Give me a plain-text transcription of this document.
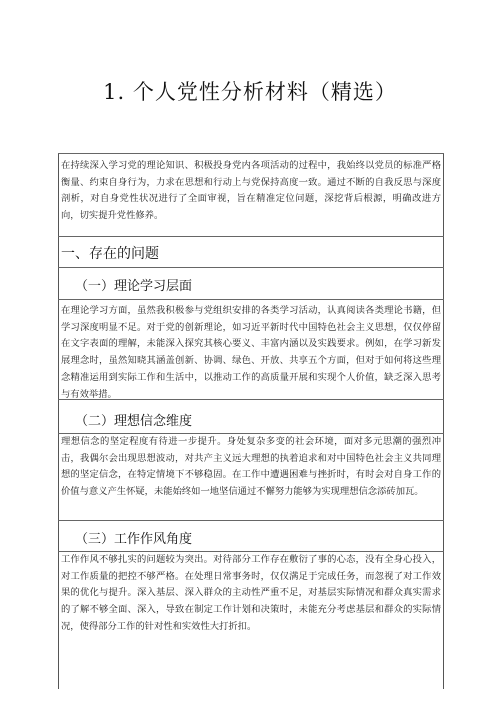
1. 个人党性分析材料（精选）
在持续深入学习党的理论知识、积极投身党内各项活动的过程中，我始终以党员的标准严格衡量、约束自身行为，力求在思想和行动上与党保持高度一致。通过不断的自我反思与深度剖析，对自身党性状况进行了全面审视，旨在精准定位问题，深挖背后根源，明确改进方向，切实提升党性修养。
一、存在的问题
（一）理论学习层面
在理论学习方面，虽然我积极参与党组织安排的各类学习活动，认真阅读各类理论书籍，但学习深度明显不足。对于党的创新理论，如习近平新时代中国特色社会主义思想，仅仅停留在文字表面的理解，未能深入探究其核心要义、丰富内涵以及实践要求。例如，在学习新发展理念时，虽然知晓其涵盖创新、协调、绿色、开放、共享五个方面，但对于如何将这些理念精准运用到实际工作和生活中，以推动工作的高质量开展和实现个人价值，缺乏深入思考与有效举措。
（二）理想信念维度
理想信念的坚定程度有待进一步提升。身处复杂多变的社会环境，面对多元思潮的强烈冲击，我偶尔会出现思想波动，对共产主义远大理想的执着追求和对中国特色社会主义共同理想的坚定信念，在特定情境下不够稳固。在工作中遭遇困难与挫折时，有时会对自身工作的价值与意义产生怀疑，未能始终如一地坚信通过不懈努力能够为实现理想信念添砖加瓦。
（三）工作作风角度
工作作风不够扎实的问题较为突出。对待部分工作存在敷衍了事的心态，没有全身心投入，对工作质量的把控不够严格。在处理日常事务时，仅仅满足于完成任务，而忽视了对工作效果的优化与提升。深入基层、深入群众的主动性严重不足，对基层实际情况和群众真实需求的了解不够全面、深入，导致在制定工作计划和决策时，未能充分考虑基层和群众的实际情况，使得部分工作的针对性和实效性大打折扣。
